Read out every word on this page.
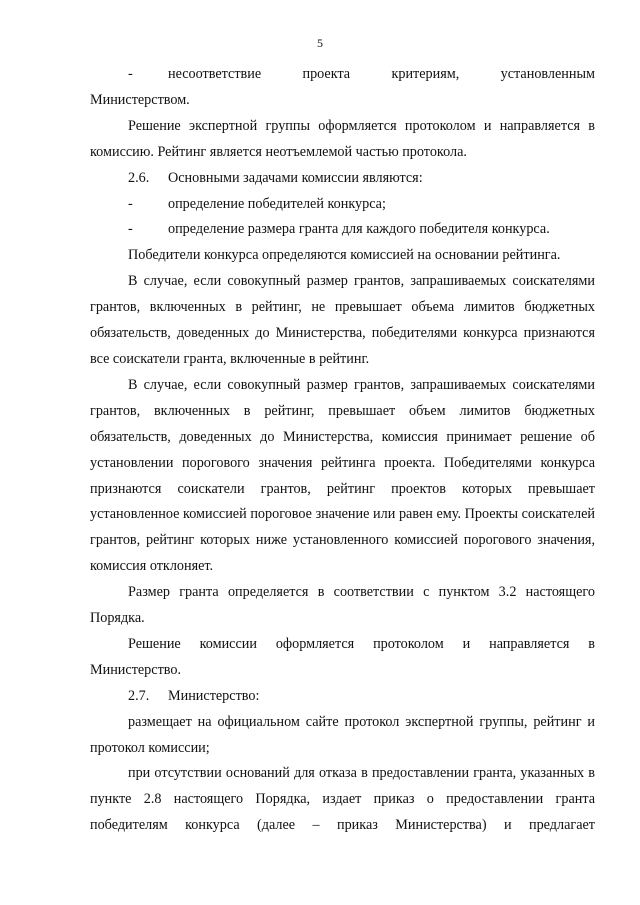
5
-	несоответствие проекта критериям, установленным

Министерством.

Решение экспертной группы оформляется протоколом и направляется в комиссию. Рейтинг является неотъемлемой частью протокола.

2.6.	Основными задачами комиссии являются:
-	определение победителей конкурса;
-	определение размера гранта для каждого победителя конкурса.

Победители конкурса определяются комиссией на основании рейтинга.

В случае, если совокупный размер грантов, запрашиваемых соискателями грантов, включенных в рейтинг, не превышает объема лимитов бюджетных обязательств, доведенных до Министерства, победителями конкурса признаются все соискатели гранта, включенные в рейтинг.

В случае, если совокупный размер грантов, запрашиваемых соискателями грантов, включенных в рейтинг, превышает объем лимитов бюджетных обязательств, доведенных до Министерства, комиссия принимает решение об установлении порогового значения рейтинга проекта. Победителями конкурса признаются соискатели грантов, рейтинг проектов которых превышает установленное комиссией пороговое значение или равен ему. Проекты соискателей грантов, рейтинг которых ниже установленного комиссией порогового значения, комиссия отклоняет.

Размер гранта определяется в соответствии с пунктом 3.2 настоящего Порядка.

Решение комиссии оформляется протоколом и направляется в Министерство.

2.7.	Министерство:

размещает на официальном сайте протокол экспертной группы, рейтинг и протокол комиссии;

при отсутствии оснований для отказа в предоставлении гранта, указанных в пункте 2.8 настоящего Порядка, издает приказ о предоставлении гранта победителям конкурса (далее – приказ Министерства) и предлагает
